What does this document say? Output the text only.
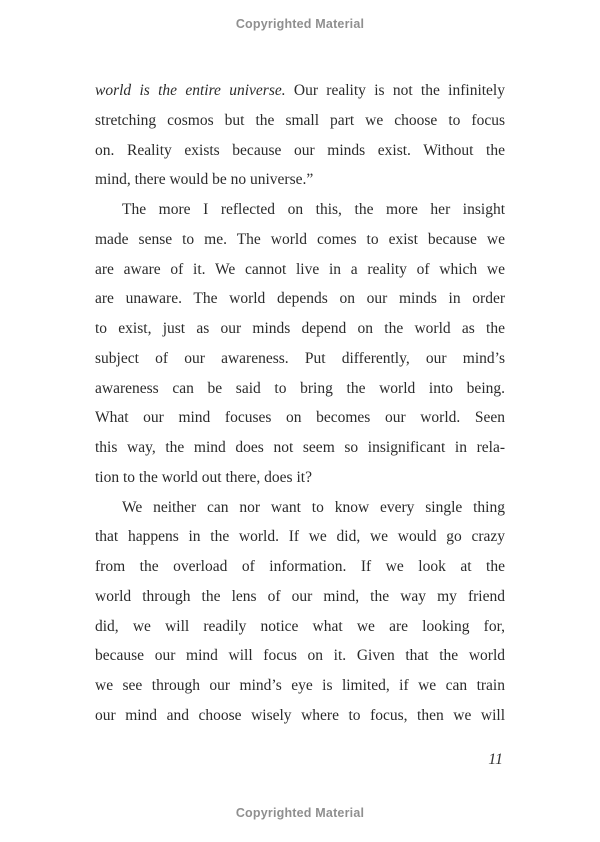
Copyrighted Material
world is the entire universe. Our reality is not the infinitely
stretching cosmos but the small part we choose to focus
on. Reality exists because our minds exist. Without the
mind, there would be no universe.”
The more I reflected on this, the more her insight
made sense to me. The world comes to exist because we
are aware of it. We cannot live in a reality of which we
are unaware. The world depends on our minds in order
to exist, just as our minds depend on the world as the
subject of our awareness. Put differently, our mind’s
awareness can be said to bring the world into being.
What our mind focuses on becomes our world. Seen
this way, the mind does not seem so insignificant in rela-
tion to the world out there, does it?
We neither can nor want to know every single thing
that happens in the world. If we did, we would go crazy
from the overload of information. If we look at the
world through the lens of our mind, the way my friend
did, we will readily notice what we are looking for,
because our mind will focus on it. Given that the world
we see through our mind’s eye is limited, if we can train
our mind and choose wisely where to focus, then we will
11
Copyrighted Material
